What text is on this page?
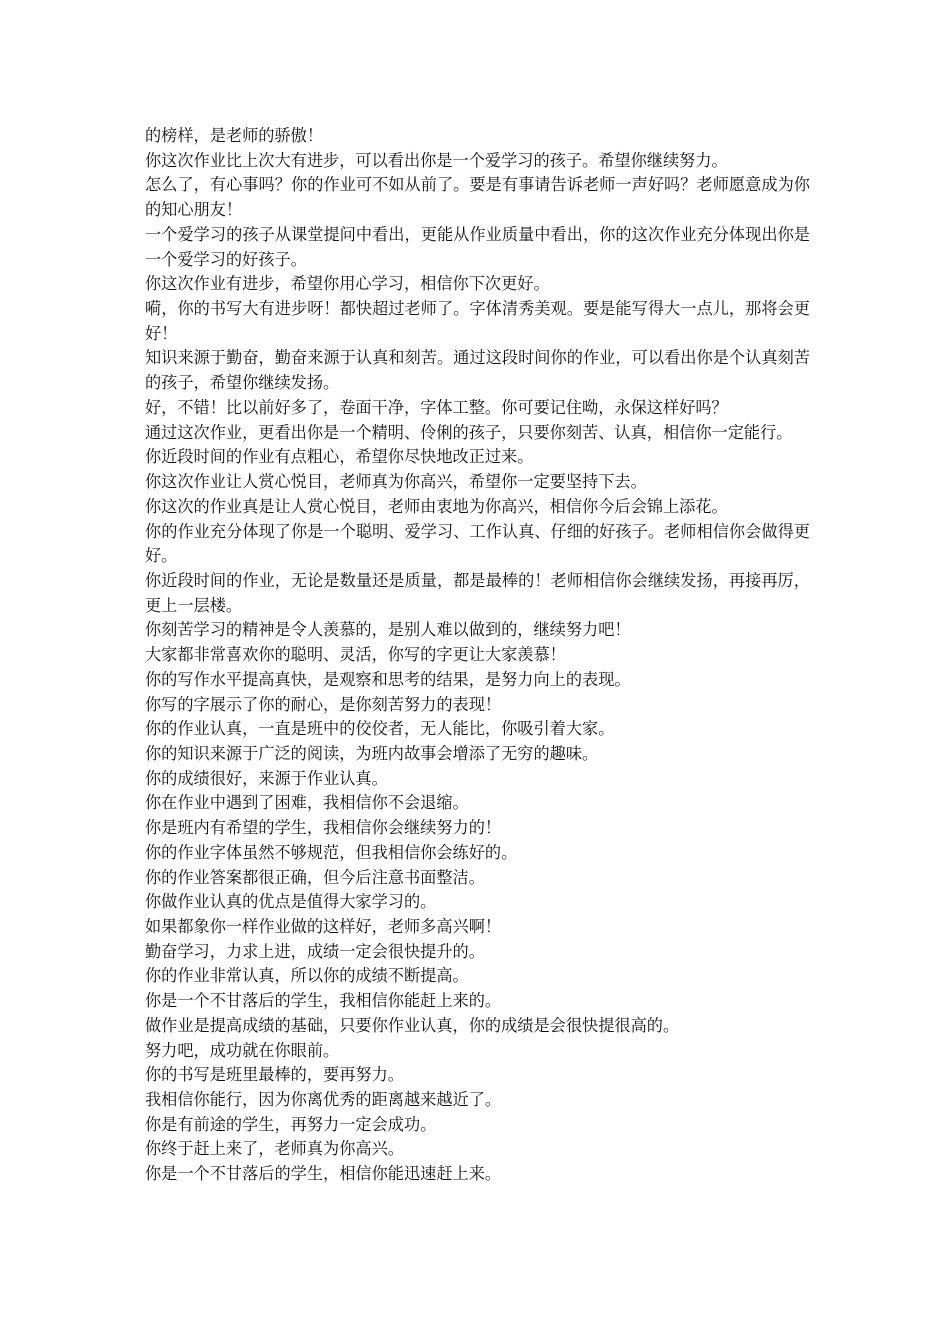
的榜样，是老师的骄傲！

你这次作业比上次大有进步，可以看出你是一个爱学习的孩子。希望你继续努力。

怎么了，有心事吗？你的作业可不如从前了。要是有事请告诉老师一声好吗？老师愿意成为你的知心朋友！

一个爱学习的孩子从课堂提问中看出，更能从作业质量中看出，你的这次作业充分体现出你是一个爱学习的好孩子。

你这次作业有进步，希望你用心学习，相信你下次更好。

嗬，你的书写大有进步呀！都快超过老师了。字体清秀美观。要是能写得大一点儿，那将会更好！

知识来源于勤奋，勤奋来源于认真和刻苦。通过这段时间你的作业，可以看出你是个认真刻苦的孩子，希望你继续发扬。

好，不错！比以前好多了，卷面干净，字体工整。你可要记住呦，永保这样好吗？

通过这次作业，更看出你是一个精明、伶俐的孩子，只要你刻苦、认真，相信你一定能行。

你近段时间的作业有点粗心，希望你尽快地改正过来。

你这次作业让人赏心悦目，老师真为你高兴，希望你一定要坚持下去。

你这次的作业真是让人赏心悦目，老师由衷地为你高兴，相信你今后会锦上添花。

你的作业充分体现了你是一个聪明、爱学习、工作认真、仔细的好孩子。老师相信你会做得更好。

你近段时间的作业，无论是数量还是质量，都是最棒的！老师相信你会继续发扬，再接再厉，更上一层楼。

你刻苦学习的精神是令人羡慕的，是别人难以做到的，继续努力吧！

大家都非常喜欢你的聪明、灵活，你写的字更让大家羡慕！

你的写作水平提高真快，是观察和思考的结果，是努力向上的表现。

你写的字展示了你的耐心，是你刻苦努力的表现！

你的作业认真，一直是班中的佼佼者，无人能比，你吸引着大家。

你的知识来源于广泛的阅读，为班内故事会增添了无穷的趣味。

你的成绩很好，来源于作业认真。

你在作业中遇到了困难，我相信你不会退缩。

你是班内有希望的学生，我相信你会继续努力的！

你的作业字体虽然不够规范，但我相信你会练好的。

你的作业答案都很正确，但今后注意书面整洁。

你做作业认真的优点是值得大家学习的。

如果都象你一样作业做的这样好，老师多高兴啊！

勤奋学习，力求上进，成绩一定会很快提升的。

你的作业非常认真，所以你的成绩不断提高。

你是一个不甘落后的学生，我相信你能赶上来的。

做作业是提高成绩的基础，只要你作业认真，你的成绩是会很快提很高的。

努力吧，成功就在你眼前。

你的书写是班里最棒的，要再努力。

我相信你能行，因为你离优秀的距离越来越近了。

你是有前途的学生，再努力一定会成功。

你终于赶上来了，老师真为你高兴。

你是一个不甘落后的学生，相信你能迅速赶上来。
